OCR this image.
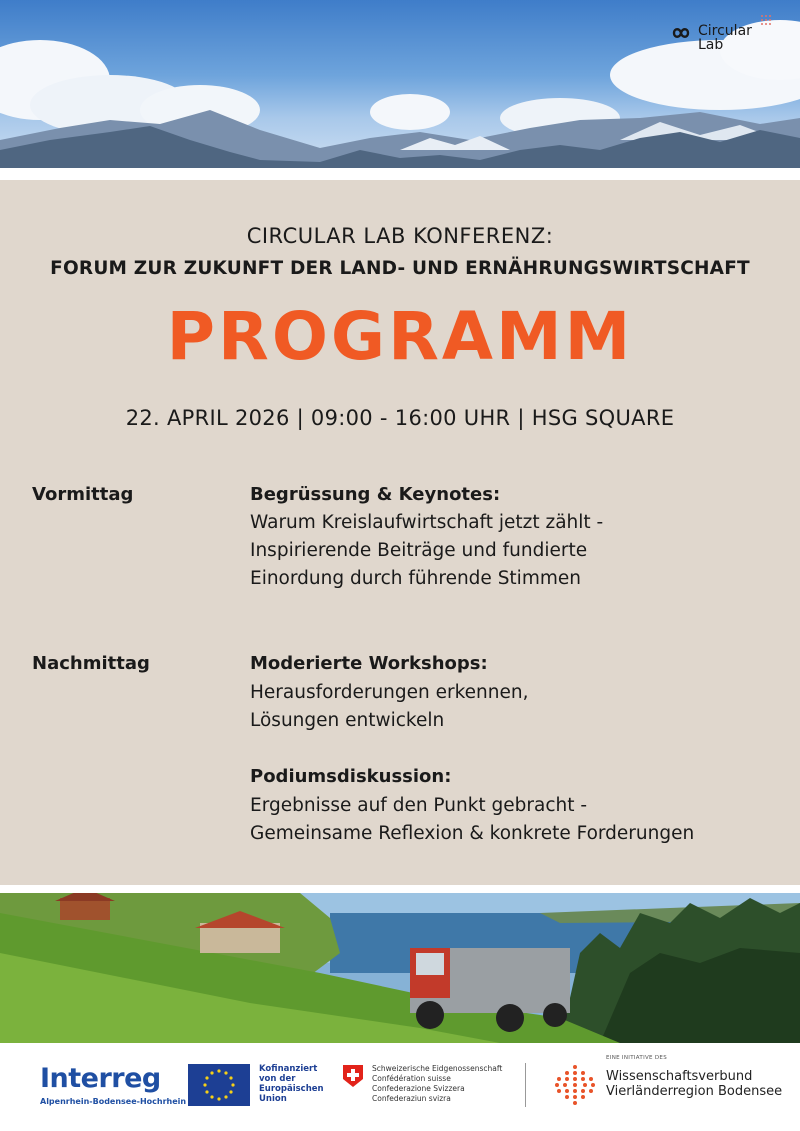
Circular
Lab
CIRCULAR LAB KONFERENZ:
FORUM ZUR ZUKUNFT DER LAND- UND ERNÄHRUNGSWIRTSCHAFT
PROGRAMM
22. APRIL 2026 | 09:00 - 16:00 UHR | HSG SQUARE
Vormittag	Begrüssung & Keynotes:
Warum Kreislaufwirtschaft jetzt zählt -
Inspirierende Beiträge und fundierte
Einordung durch führende Stimmen
Nachmittag	Moderierte Workshops:
Herausforderungen erkennen,
Lösungen entwickeln
Podiumsdiskussion:
Ergebnisse auf den Punkt gebracht -
Gemeinsame Reflexion & konkrete Forderungen
Interreg
Alpenrhein-Bodensee-Hochrhein
Kofinanziert
von der
Europäischen
Union
Schweizerische Eidgenossenschaft
Confédération suisse
Confederazione Svizzera
Confederaziun svizra
EINE INITIATIVE DES
Wissenschaftsverbund
Vierländerregion Bodensee
